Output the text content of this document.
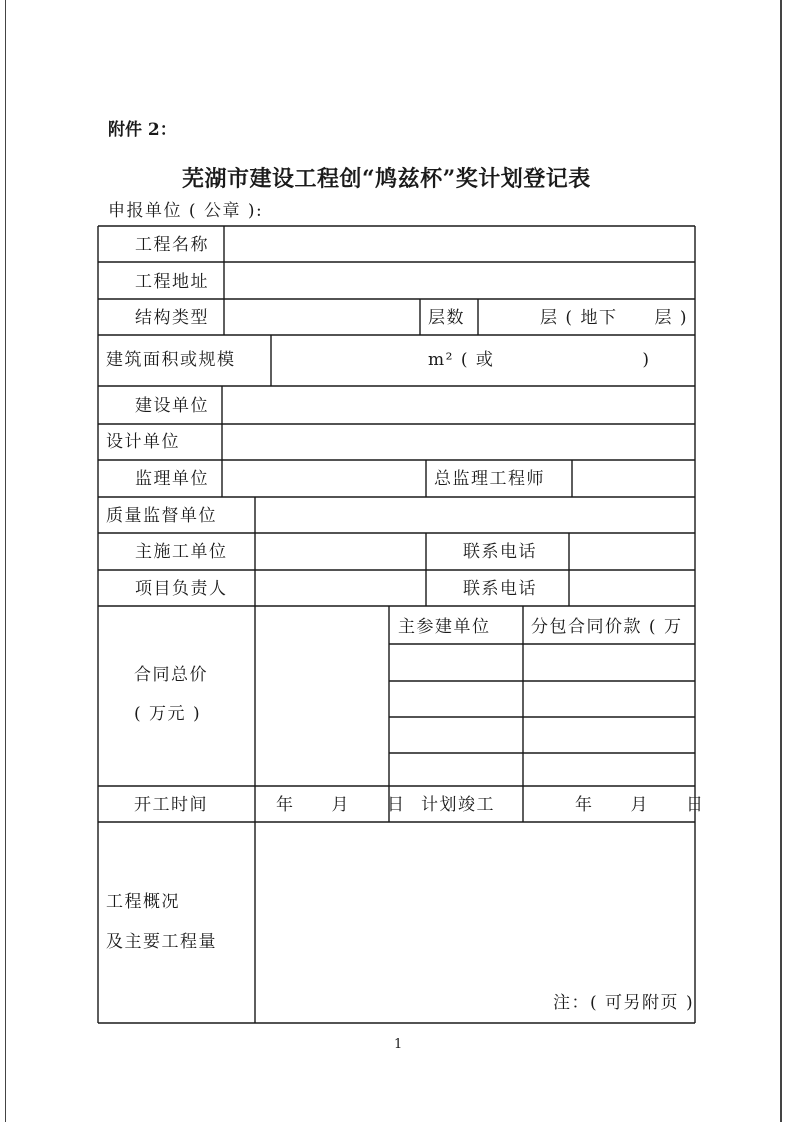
附件 2：
芜湖市建设工程创“鸠兹杯”奖计划登记表
申报单位 ( 公章 ):
工程名称
工程地址
结构类型	层数	层 ( 地下　　层 )
建筑面积或规模	m² ( 或　　　　　　　　)
建设单位
设计单位
监理单位	总监理工程师
质量监督单位
主施工单位	联系电话
项目负责人	联系电话
合同总价
( 万元 )
主参建单位 分包合同价款 ( 万
开工时间	年　　月　　日 计划竣工	年　　月　　日
工程概况
及主要工程量
注：( 可另附页 )
1
